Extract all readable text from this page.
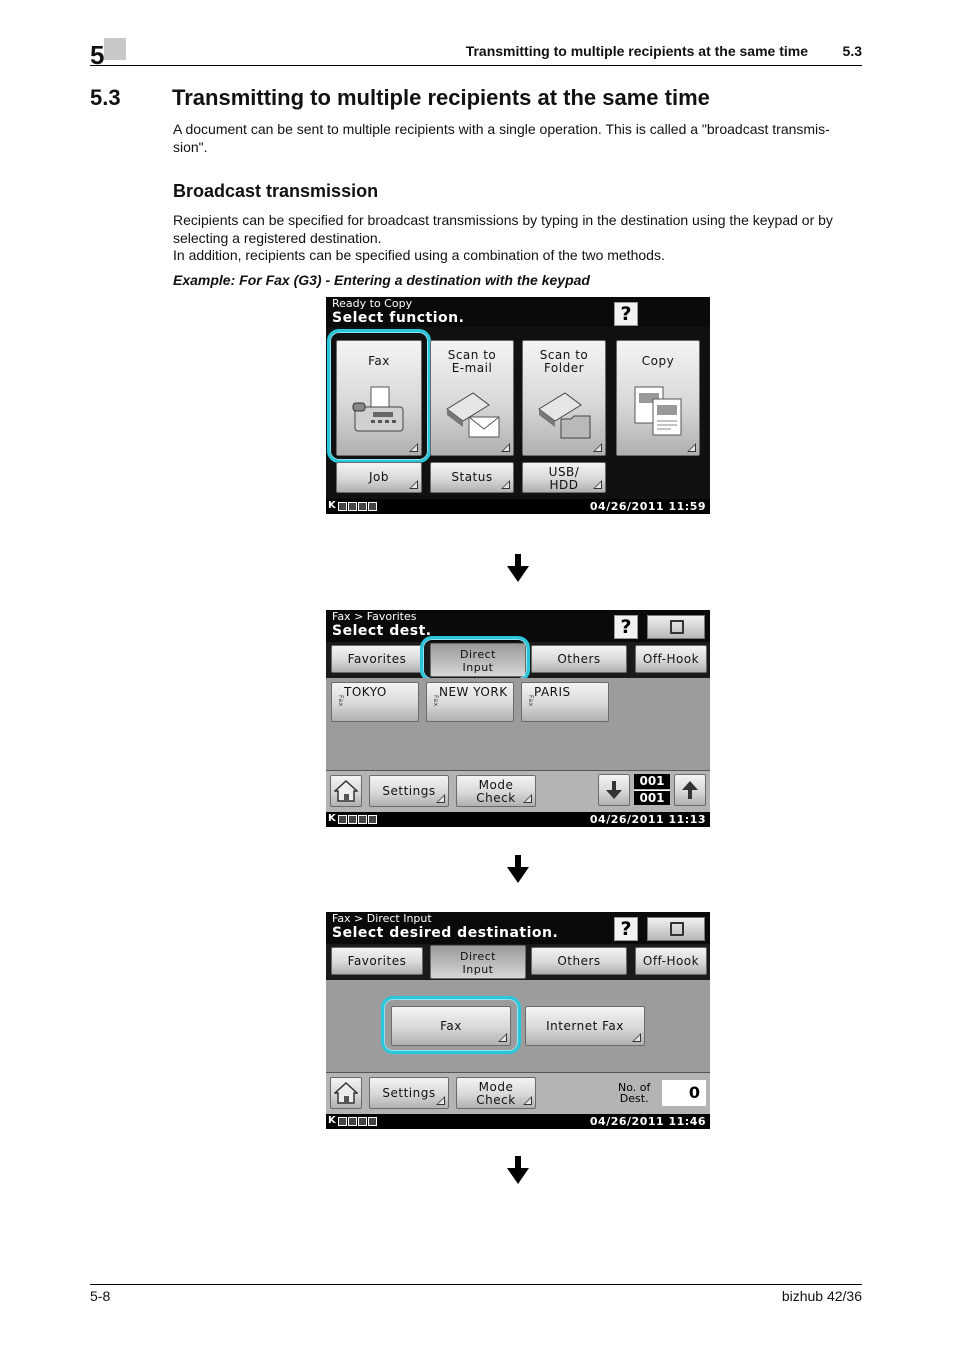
5	Transmitting to multiple recipients at the same time 5.3
5.3 Transmitting to multiple recipients at the same time
A document can be sent to multiple recipients with a single operation. This is called a "broadcast transmis-
sion".
Broadcast transmission
Recipients can be specified for broadcast transmissions by typing in the destination using the keypad or by
selecting a registered destination.
In addition, recipients can be specified using a combination of the two methods.
Example: For Fax (G3) - Entering a destination with the keypad
Ready to Copy
Select function.	?
Fax	Scan to
E-mail
Scan to
Folder	Copy
Job	Status	USB/
HDD
K	04/26/2011 11:59
Fax > Favorites
Select dest.	?
Favorites	Direct
Input
Others	Off-Hook
Fax
TOKYO
Fax
NEW YORK
Fax
PARIS
Settings	Mode
Check
001
001
K	04/26/2011 11:13
Fax > Direct Input
Select desired destination.	?
Favorites	Direct
Input
Others	Off-Hook
Fax	Internet Fax
Settings	Mode
Check
No. of
Dest.	0
K	04/26/2011 11:46
5-8	bizhub 42/36
